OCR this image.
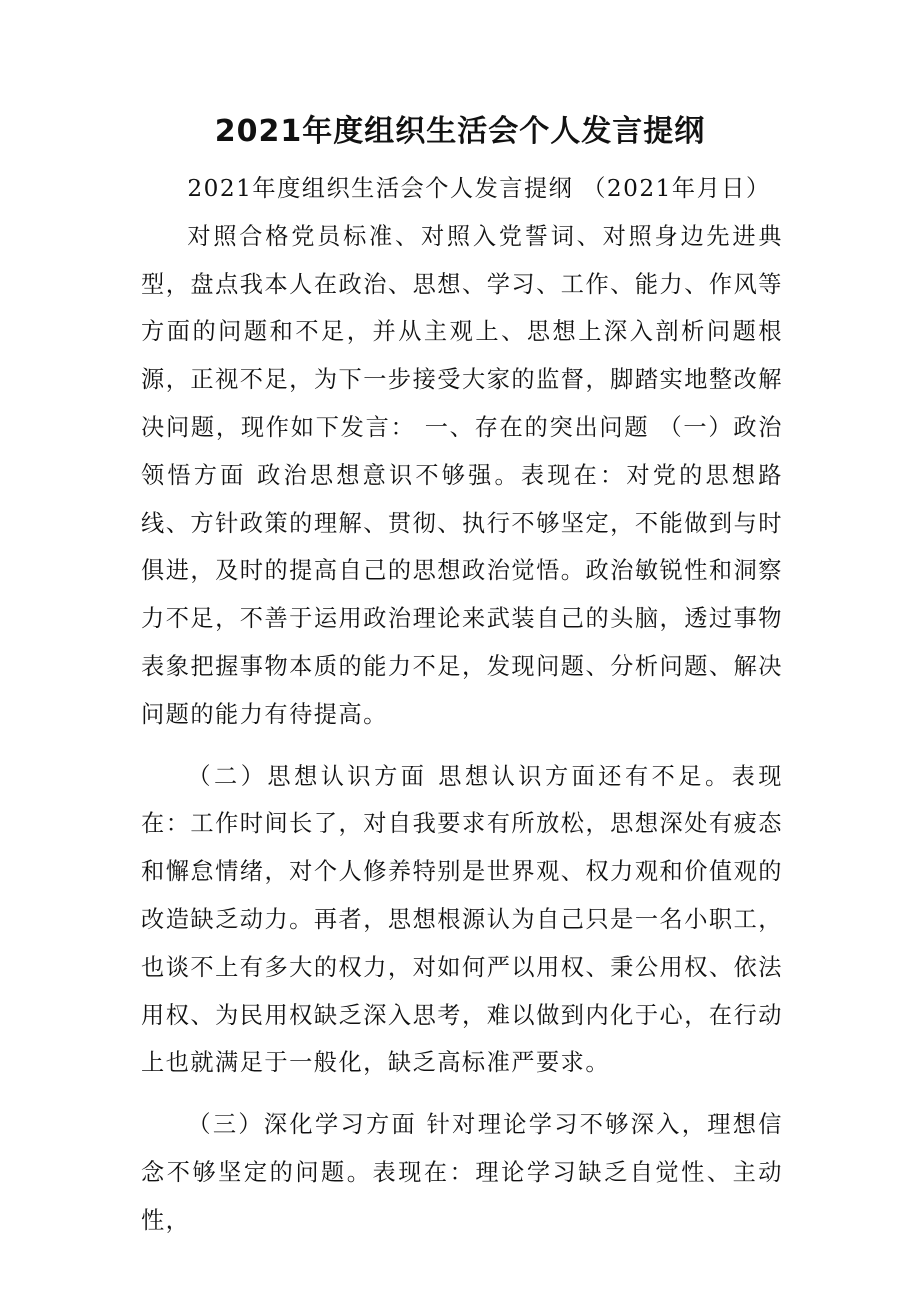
2021年度组织生活会个人发言提纲

2021年度组织生活会个人发言提纲 （2021年月日）

对照合格党员标准、对照入党誓词、对照身边先进典型，盘点我本人在政治、思想、学习、工作、能力、作风等方面的问题和不足，并从主观上、思想上深入剖析问题根源，正视不足，为下一步接受大家的监督，脚踏实地整改解决问题，现作如下发言： 一、存在的突出问题 （一）政治领悟方面 政治思想意识不够强。表现在：对党的思想路线、方针政策的理解、贯彻、执行不够坚定，不能做到与时俱进，及时的提高自己的思想政治觉悟。政治敏锐性和洞察力不足，不善于运用政治理论来武装自己的头脑，透过事物表象把握事物本质的能力不足，发现问题、分析问题、解决问题的能力有待提高。

（二）思想认识方面 思想认识方面还有不足。表现在：工作时间长了，对自我要求有所放松，思想深处有疲态和懈怠情绪，对个人修养特别是世界观、权力观和价值观的改造缺乏动力。再者，思想根源认为自己只是一名小职工，也谈不上有多大的权力，对如何严以用权、秉公用权、依法用权、为民用权缺乏深入思考，难以做到内化于心，在行动上也就满足于一般化，缺乏高标准严要求。

（三）深化学习方面 针对理论学习不够深入，理想信念不够坚定的问题。表现在：理论学习缺乏自觉性、主动性，
